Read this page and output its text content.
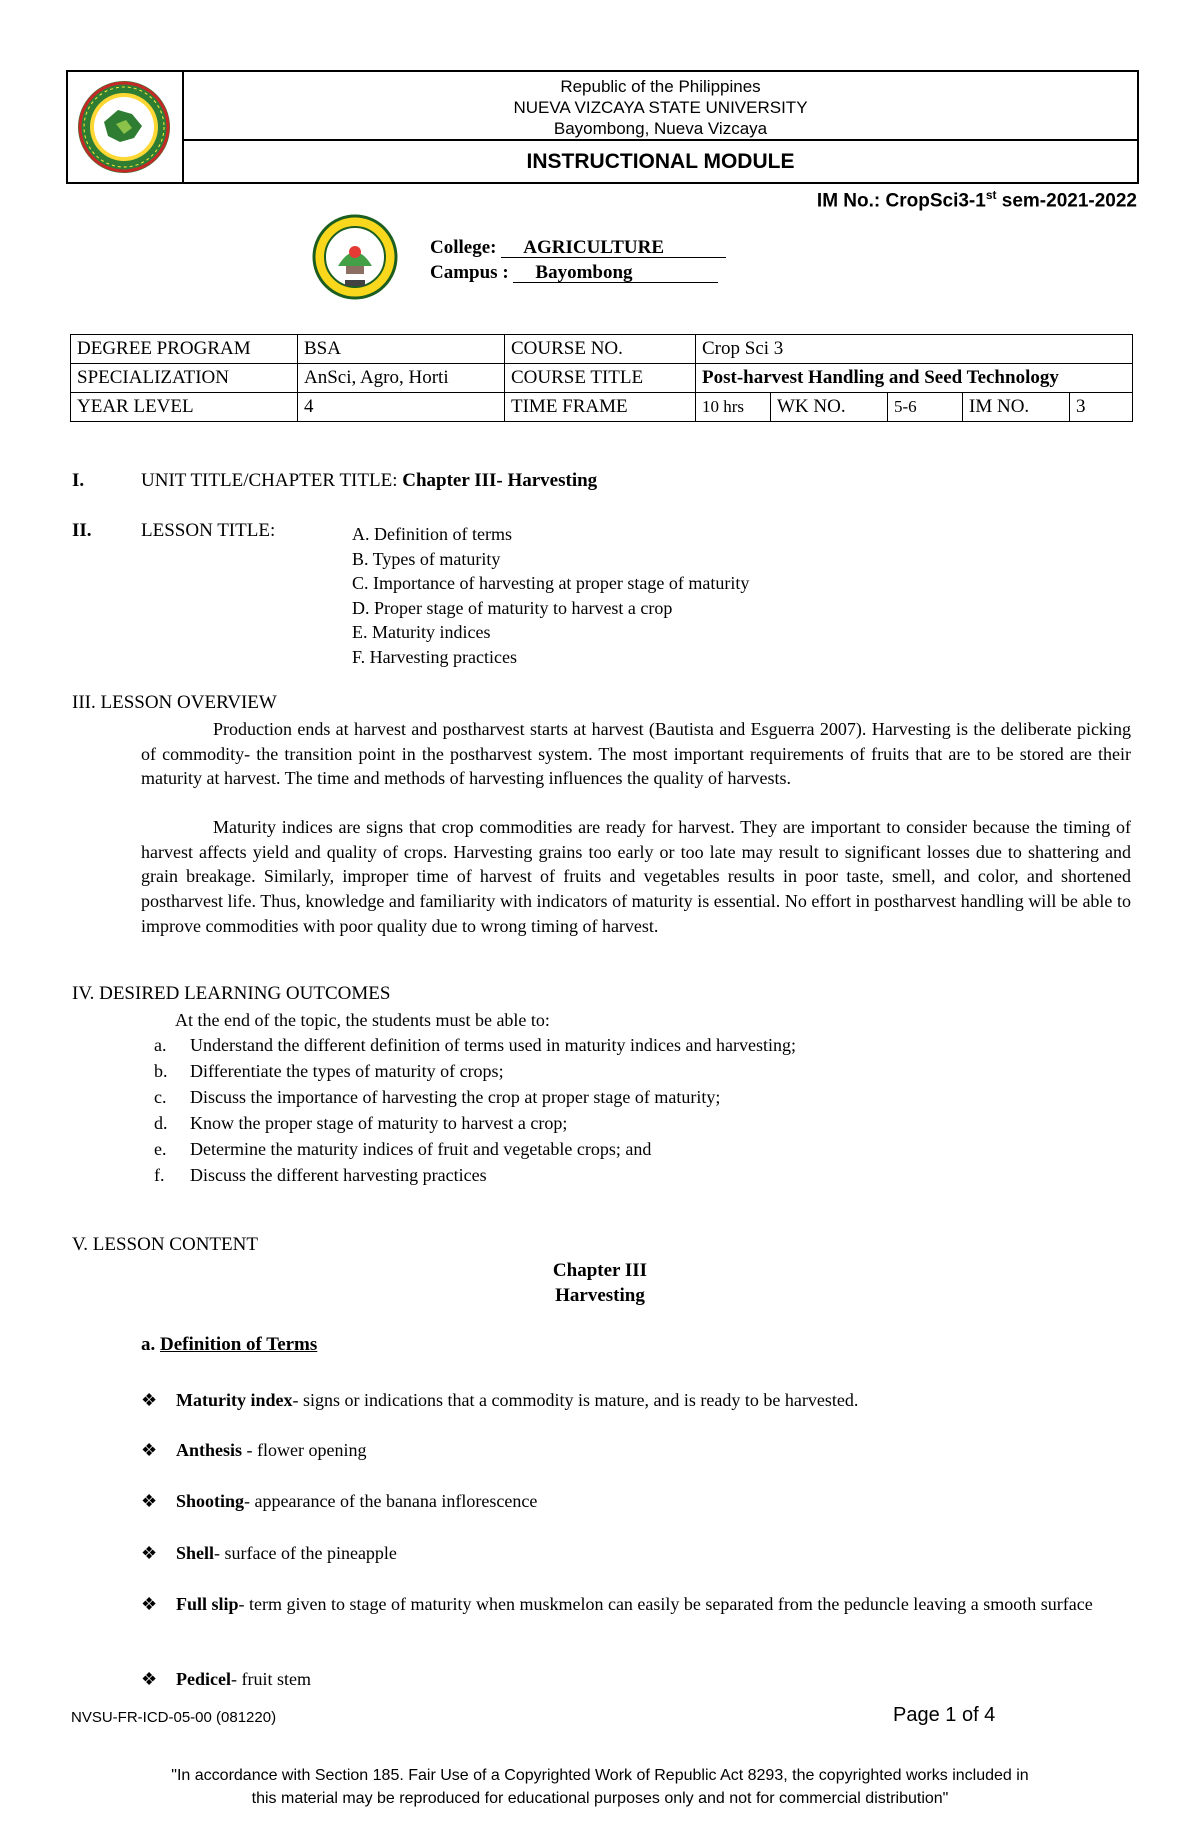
Republic of the Philippines
NUEVA VIZCAYA STATE UNIVERSITY
Bayombong, Nueva Vizcaya
INSTRUCTIONAL MODULE
IM No.: CropSci3-1st sem-2021-2022
College: AGRICULTURE
Campus : Bayombong
DEGREE PROGRAM	BSA	COURSE NO.	Crop Sci 3				
SPECIALIZATION	AnSci, Agro, Horti	COURSE TITLE	Post-harvest Handling and Seed Technology				
YEAR LEVEL	4	TIME FRAME	10 hrs	WK NO.	5-6	IM NO.	3
I.	UNIT TITLE/CHAPTER TITLE: Chapter III- Harvesting
II.	LESSON TITLE:	A. Definition of terms
B. Types of maturity
C. Importance of harvesting at proper stage of maturity
D. Proper stage of maturity to harvest a crop
E. Maturity indices
F. Harvesting practices
III. LESSON OVERVIEW
Production ends at harvest and postharvest starts at harvest (Bautista and Esguerra 2007). Harvesting is the deliberate picking of commodity- the transition point in the postharvest system. The most important requirements of fruits that are to be stored are their maturity at harvest. The time and methods of harvesting influences the quality of harvests.
Maturity indices are signs that crop commodities are ready for harvest. They are important to consider because the timing of harvest affects yield and quality of crops. Harvesting grains too early or too late may result to significant losses due to shattering and grain breakage. Similarly, improper time of harvest of fruits and vegetables results in poor taste, smell, and color, and shortened postharvest life. Thus, knowledge and familiarity with indicators of maturity is essential. No effort in postharvest handling will be able to improve commodities with poor quality due to wrong timing of harvest.
IV. DESIRED LEARNING OUTCOMES
At the end of the topic, the students must be able to:
a. Understand the different definition of terms used in maturity indices and harvesting;
b. Differentiate the types of maturity of crops;
c. Discuss the importance of harvesting the crop at proper stage of maturity;
d. Know the proper stage of maturity to harvest a crop;
e. Determine the maturity indices of fruit and vegetable crops; and
f. Discuss the different harvesting practices
V. LESSON CONTENT
Chapter III
Harvesting
a. Definition of Terms
❖ Maturity index- signs or indications that a commodity is mature, and is ready to be harvested.
❖ Anthesis - flower opening
❖ Shooting- appearance of the banana inflorescence
❖ Shell- surface of the pineapple
❖ Full slip- term given to stage of maturity when muskmelon can easily be separated from the peduncle leaving a smooth surface
❖ Pedicel- fruit stem
NVSU-FR-ICD-05-00 (081220)	Page 1 of 4
"In accordance with Section 185. Fair Use of a Copyrighted Work of Republic Act 8293, the copyrighted works included in
this material may be reproduced for educational purposes only and not for commercial distribution"
